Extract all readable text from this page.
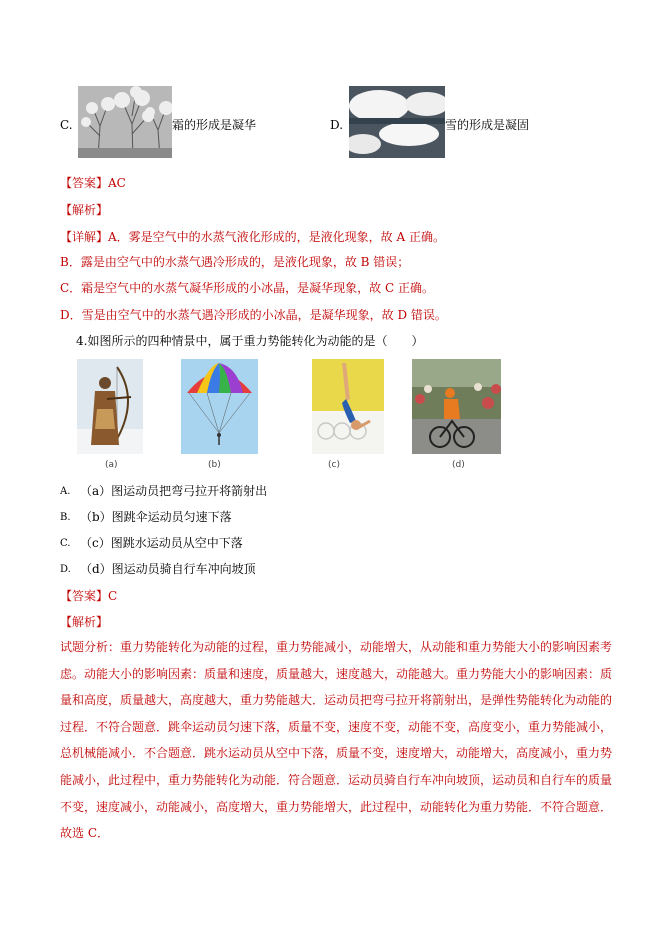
C.	霜的形成是凝华	D.	雪的形成是凝固
【答案】AC
【解析】
【详解】A．雾是空气中的水蒸气液化形成的，是液化现象，故 A 正确。
B．露是由空气中的水蒸气遇冷形成的，是液化现象，故 B 错误；
C．霜是空气中的水蒸气凝华形成的小冰晶，是凝华现象，故 C 正确。
D．雪是由空气中的水蒸气遇冷形成的小冰晶，是凝华现象，故 D 错误。
4.如图所示的四种情景中，属于重力势能转化为动能的是（　　）
(a)	(b)	(c)	(d)
A. （a）图运动员把弯弓拉开将箭射出
B. （b）图跳伞运动员匀速下落
C. （c）图跳水运动员从空中下落
D. （d）图运动员骑自行车冲向坡顶
【答案】C
【解析】
试题分析：重力势能转化为动能的过程，重力势能减小，动能增大，从动能和重力势能大小的影响因素考
虑。动能大小的影响因素：质量和速度，质量越大，速度越大，动能越大。重力势能大小的影响因素：质
量和高度，质量越大，高度越大，重力势能越大．运动员把弯弓拉开将箭射出，是弹性势能转化为动能的
过程．不符合题意．跳伞运动员匀速下落，质量不变，速度不变，动能不变，高度变小，重力势能减小，
总机械能减小．不合题意．跳水运动员从空中下落，质量不变，速度增大，动能增大，高度减小，重力势
能减小，此过程中，重力势能转化为动能．符合题意．运动员骑自行车冲向坡顶，运动员和自行车的质量
不变，速度减小，动能减小，高度增大，重力势能增大，此过程中，动能转化为重力势能．不符合题意．
故选 C．
